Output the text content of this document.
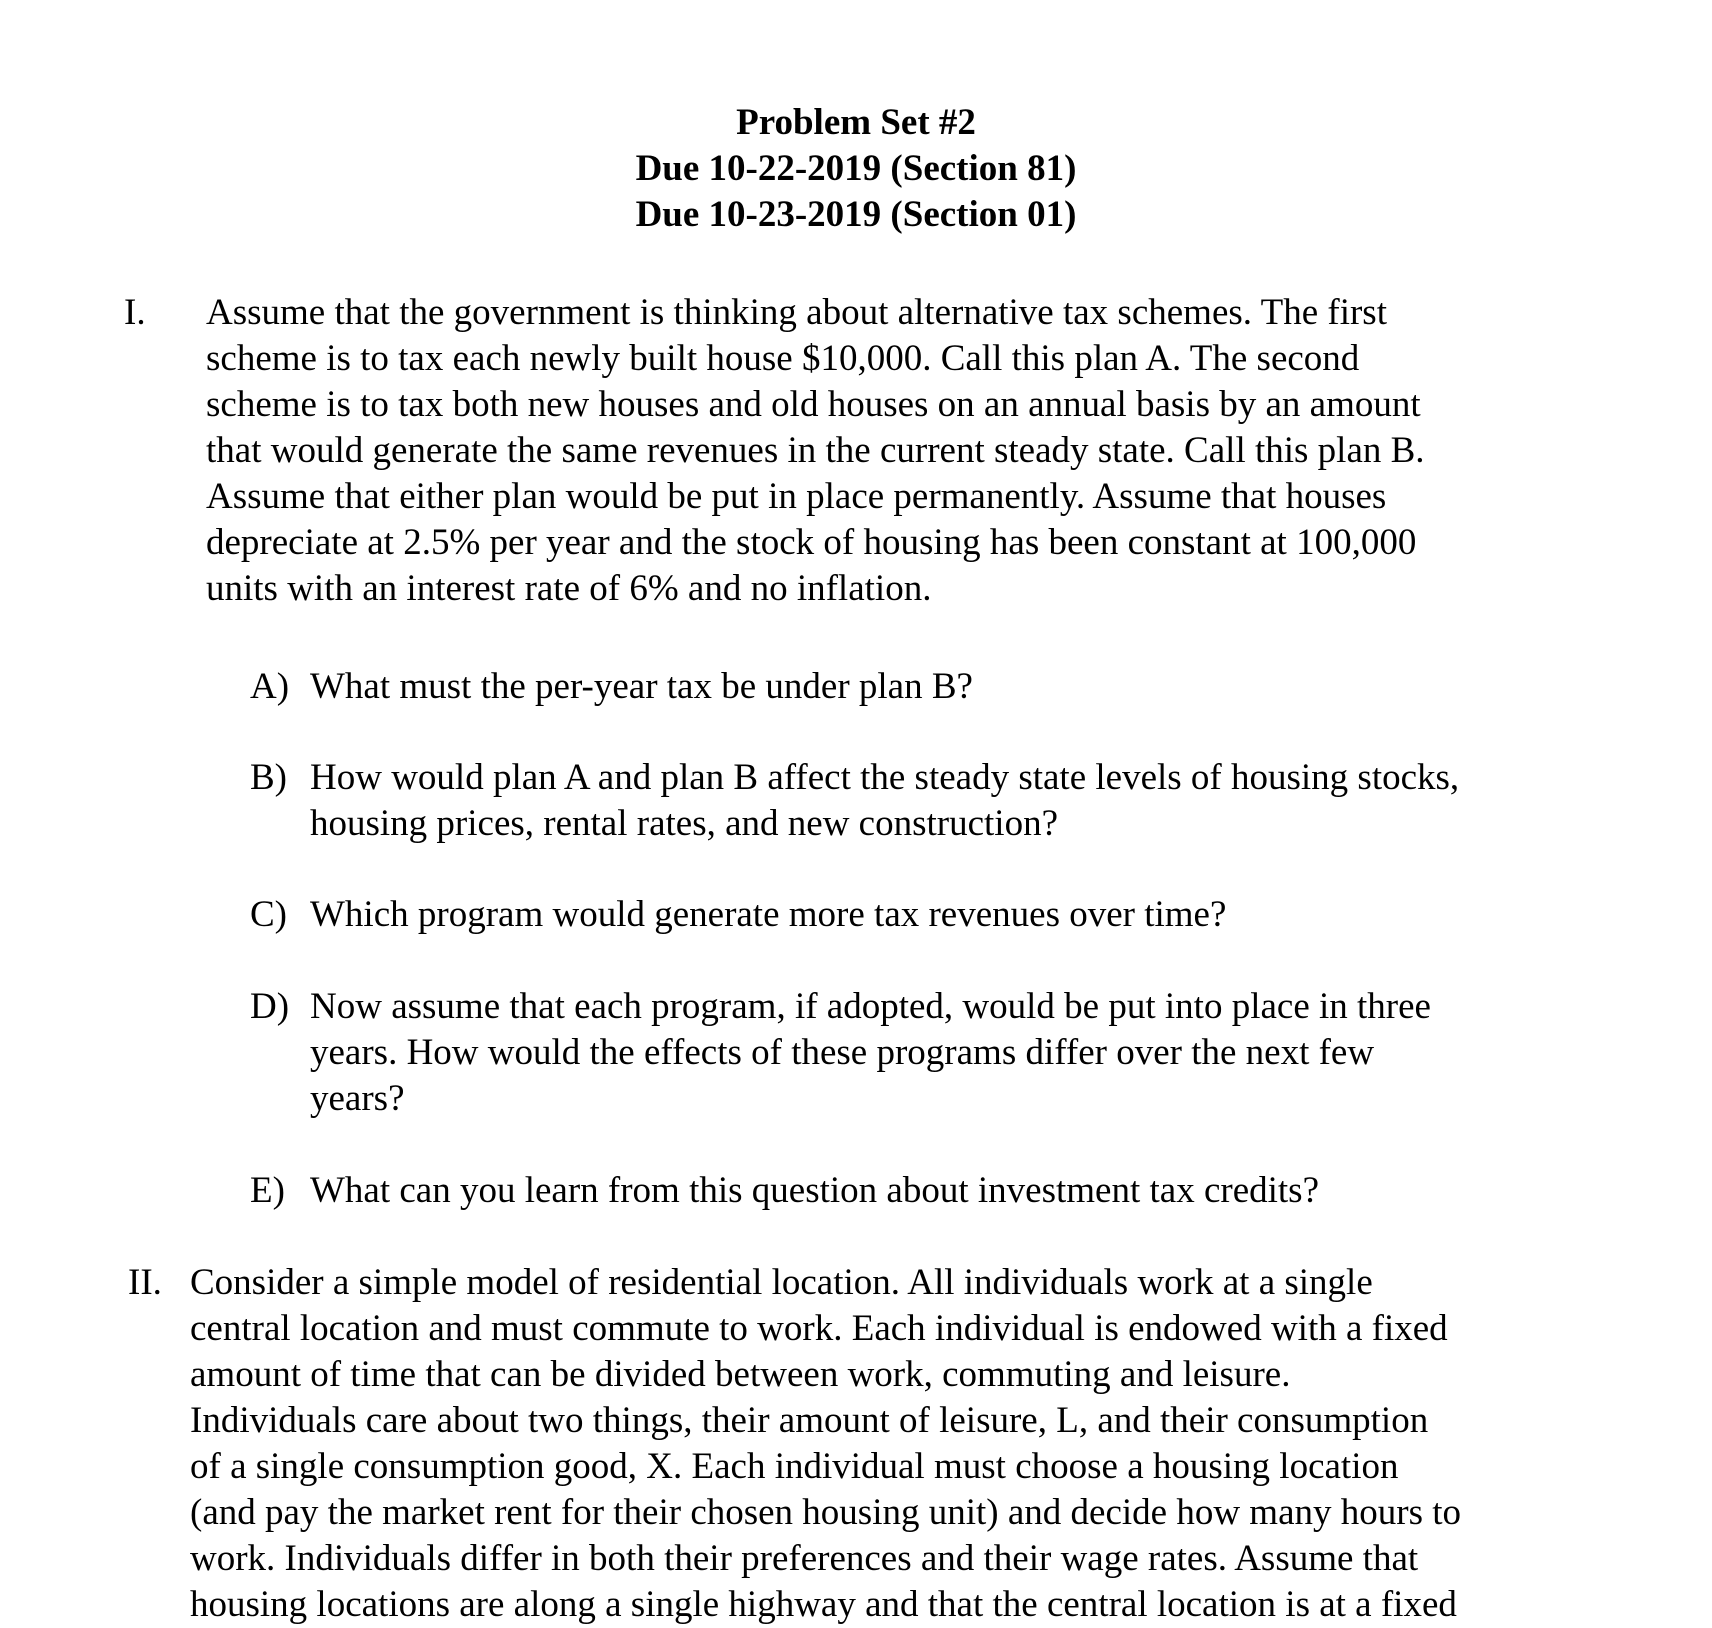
Problem Set #2
Due 10-22-2019 (Section 81)
Due 10-23-2019 (Section 01)
I. Assume that the government is thinking about alternative tax schemes. The first
scheme is to tax each newly built house $10,000. Call this plan A. The second
scheme is to tax both new houses and old houses on an annual basis by an amount
that would generate the same revenues in the current steady state. Call this plan B.
Assume that either plan would be put in place permanently. Assume that houses
depreciate at 2.5% per year and the stock of housing has been constant at 100,000
units with an interest rate of 6% and no inflation.
A) What must the per-year tax be under plan B?
B) How would plan A and plan B affect the steady state levels of housing stocks,
housing prices, rental rates, and new construction?
C) Which program would generate more tax revenues over time?
D) Now assume that each program, if adopted, would be put into place in three
years. How would the effects of these programs differ over the next few
years?
E) What can you learn from this question about investment tax credits?
II. Consider a simple model of residential location. All individuals work at a single
central location and must commute to work. Each individual is endowed with a fixed
amount of time that can be divided between work, commuting and leisure.
Individuals care about two things, their amount of leisure, L, and their consumption
of a single consumption good, X. Each individual must choose a housing location
(and pay the market rent for their chosen housing unit) and decide how many hours to
work. Individuals differ in both their preferences and their wage rates. Assume that
housing locations are along a single highway and that the central location is at a fixed
